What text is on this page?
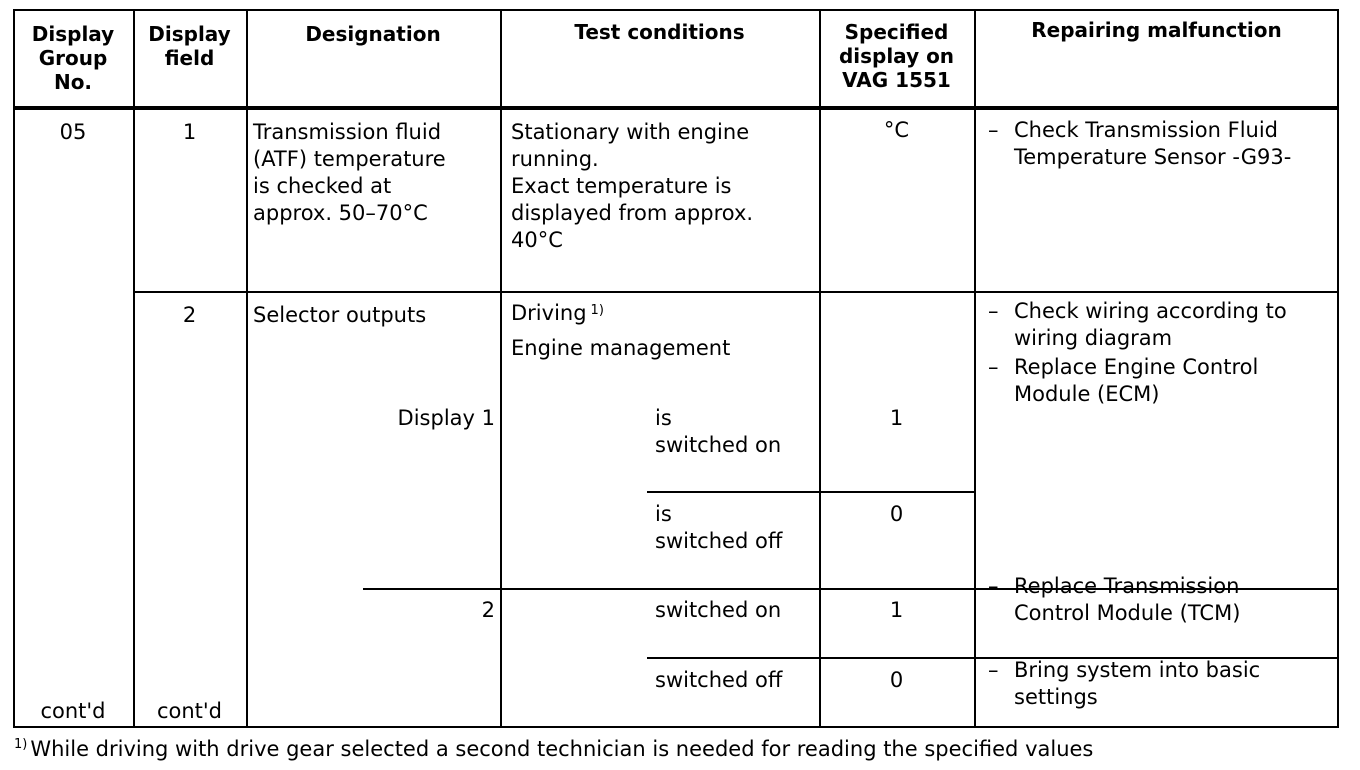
Display
Group
No.
Display
field
Designation	Test conditions	Specified
display on
VAG 1551
Repairing malfunction
05	1	Transmission fluid
(ATF) temperature
is checked at
approx. 50–70°C
Stationary with engine
running.
Exact temperature is
displayed from approx.
40°C
°C
–	Check Transmission Fluid
Temperature Sensor -G93-
2	Selector outputs	Driving $^{1)}$
Engine management
Display 1	is
switched on
1
is
switched off
0
2	switched on	1
switched off	0
– Check wiring according to
wiring diagram
– Replace Engine Control
Module (ECM)
– Replace Transmission
Control Module (TCM)
– Bring system into basic
settings
cont'd	cont'd
$^{1)}$ While driving with drive gear selected a second technician is needed for reading the specified values
